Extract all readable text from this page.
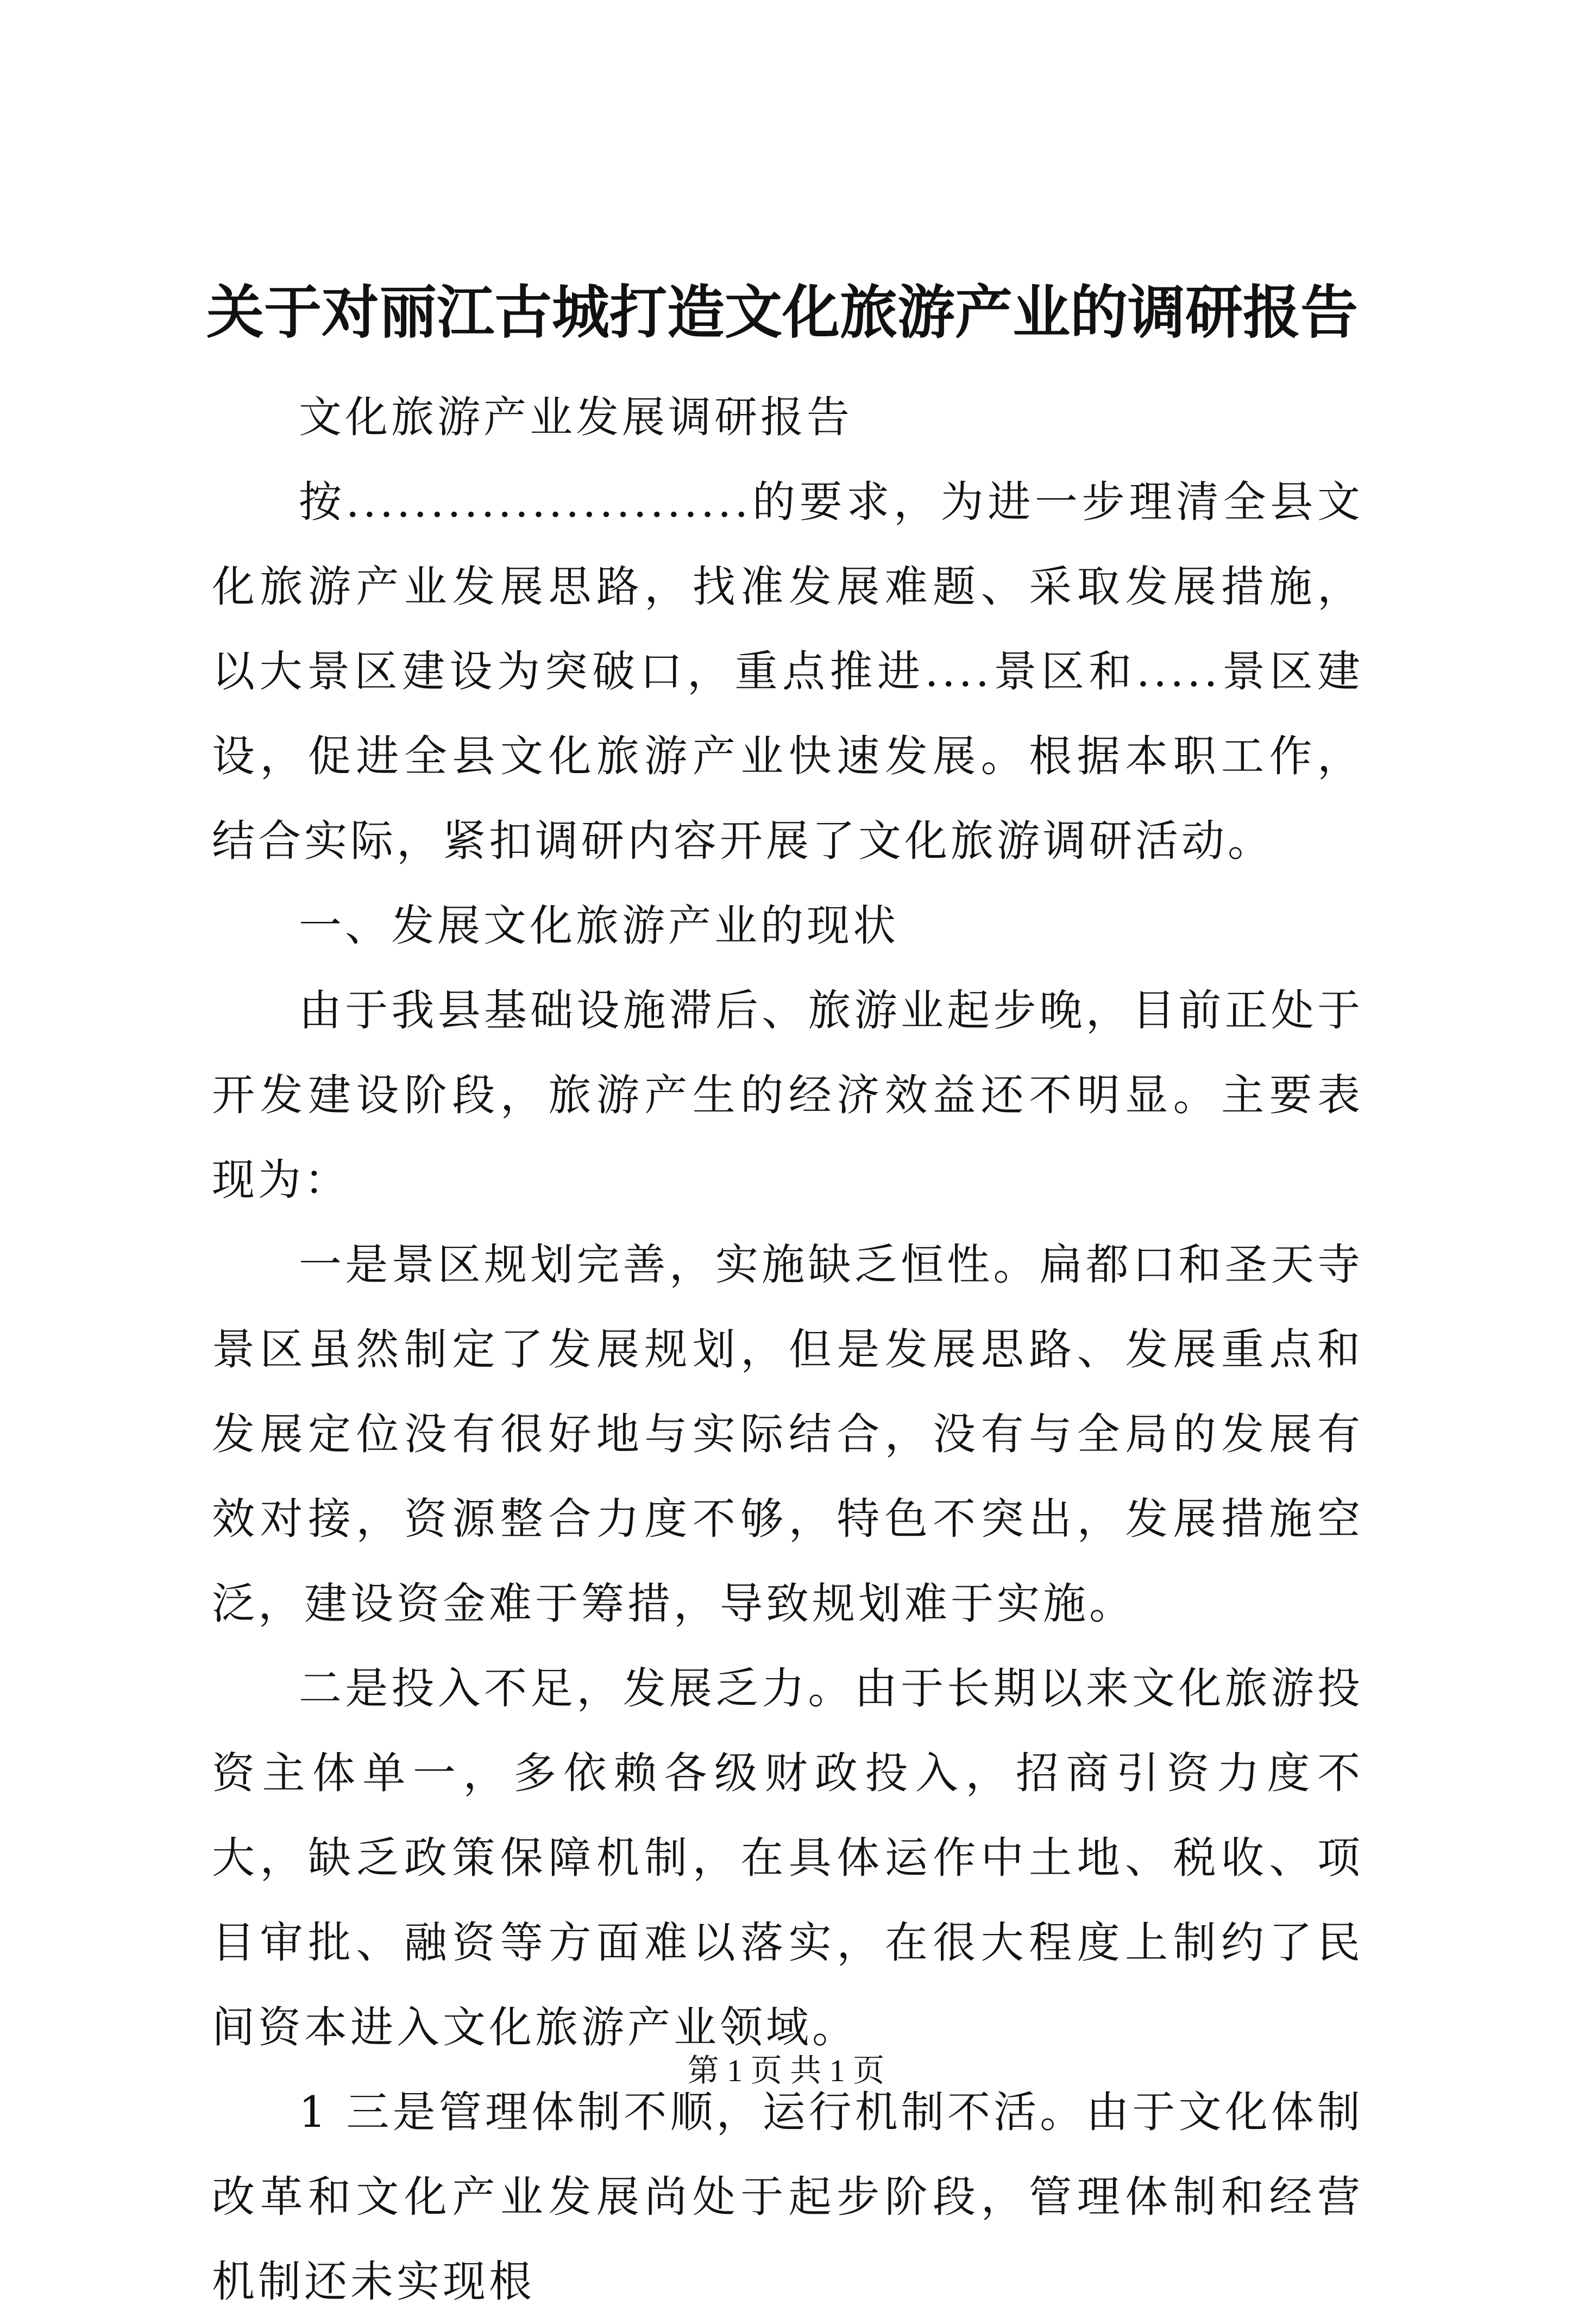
关于对丽江古城打造文化旅游产业的调研报告

文化旅游产业发展调研报告

按........................的要求，为进一步理清全县文化旅游产业发展思路，找准发展难题、采取发展措施，以大景区建设为突破口，重点推进....景区和.....景区建设，促进全县文化旅游产业快速发展。根据本职工作，结合实际，紧扣调研内容开展了文化旅游调研活动。

一、发展文化旅游产业的现状

由于我县基础设施滞后、旅游业起步晚，目前正处于开发建设阶段，旅游产生的经济效益还不明显。主要表现为：

一是景区规划完善，实施缺乏恒性。扁都口和圣天寺景区虽然制定了发展规划，但是发展思路、发展重点和发展定位没有很好地与实际结合，没有与全局的发展有效对接，资源整合力度不够，特色不突出，发展措施空泛，建设资金难于筹措，导致规划难于实施。

二是投入不足，发展乏力。由于长期以来文化旅游投资主体单一，多依赖各级财政投入，招商引资力度不大，缺乏政策保障机制，在具体运作中土地、税收、项目审批、融资等方面难以落实，在很大程度上制约了民间资本进入文化旅游产业领域。

1 三是管理体制不顺，运行机制不活。由于文化体制改革和文化产业发展尚处于起步阶段，管理体制和经营机制还未实现根

第 1 页 共 1 页
